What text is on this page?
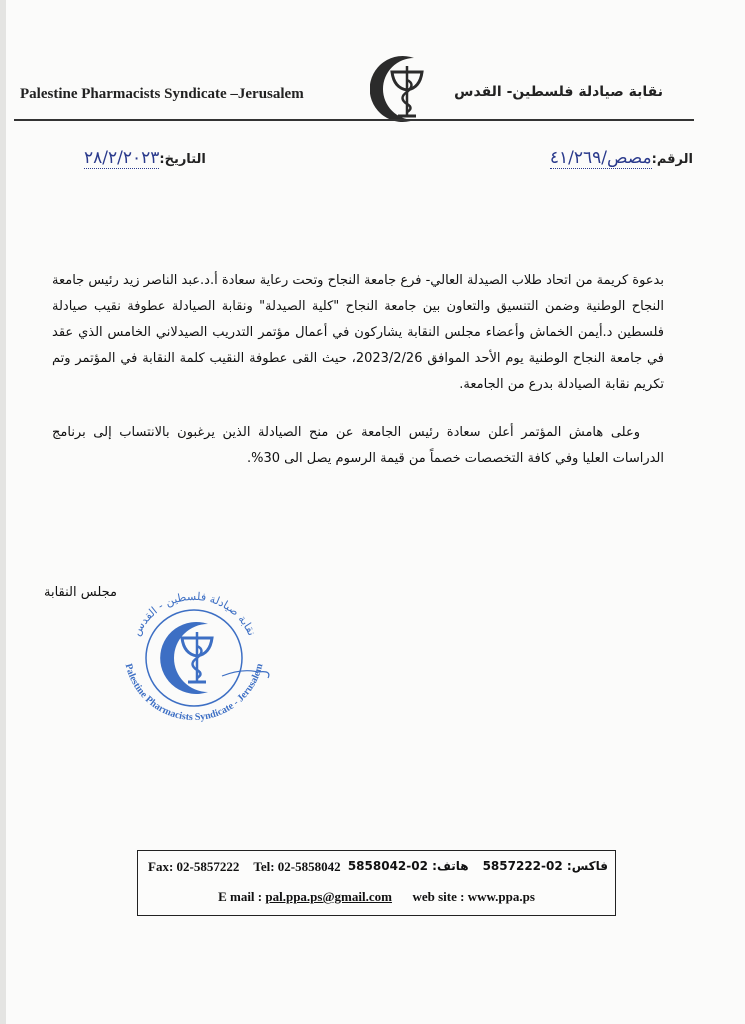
Palestine Pharmacists Syndicate –Jerusalem	نقابة صيادلة فلسطين- القدس
الرقم:مصص/٤١/٢٦٩
التاريخ:٢٨/٢/٢٠٢٣

بدعوة كريمة من اتحاد طلاب الصيدلة العالي- فرع جامعة النجاح وتحت رعاية سعادة أ.د.عبد الناصر زيد رئيس جامعة النجاح الوطنية وضمن التنسيق والتعاون بين جامعة النجاح "كلية الصيدلة" ونقابة الصيادلة عطوفة نقيب صيادلة فلسطين د.أيمن الخماش وأعضاء مجلس النقابة يشاركون في أعمال مؤتمر التدريب الصيدلاني الخامس الذي عقد في جامعة النجاح الوطنية يوم الأحد الموافق 2023/2/26، حيث القى عطوفة النقيب كلمة النقابة في المؤتمر وتم تكريم نقابة الصيادلة بدرع من الجامعة.

وعلى هامش المؤتمر أعلن سعادة رئيس الجامعة عن منح الصيادلة الذين يرغبون بالانتساب إلى برنامج الدراسات العليا وفي كافة التخصصات خصماً من قيمة الرسوم يصل الى 30%.

مجلس النقابة
نقابة صيادلة فلسطين - القدس
Palestine Pharmacists Syndicate - Jerusalem
Fax: 02-5857222 Tel: 02-5858042	فاكس: 02-5857222هاتف: 02-5858042
E mail : pal.ppa.ps@gmail.com web site : www.ppa.ps
